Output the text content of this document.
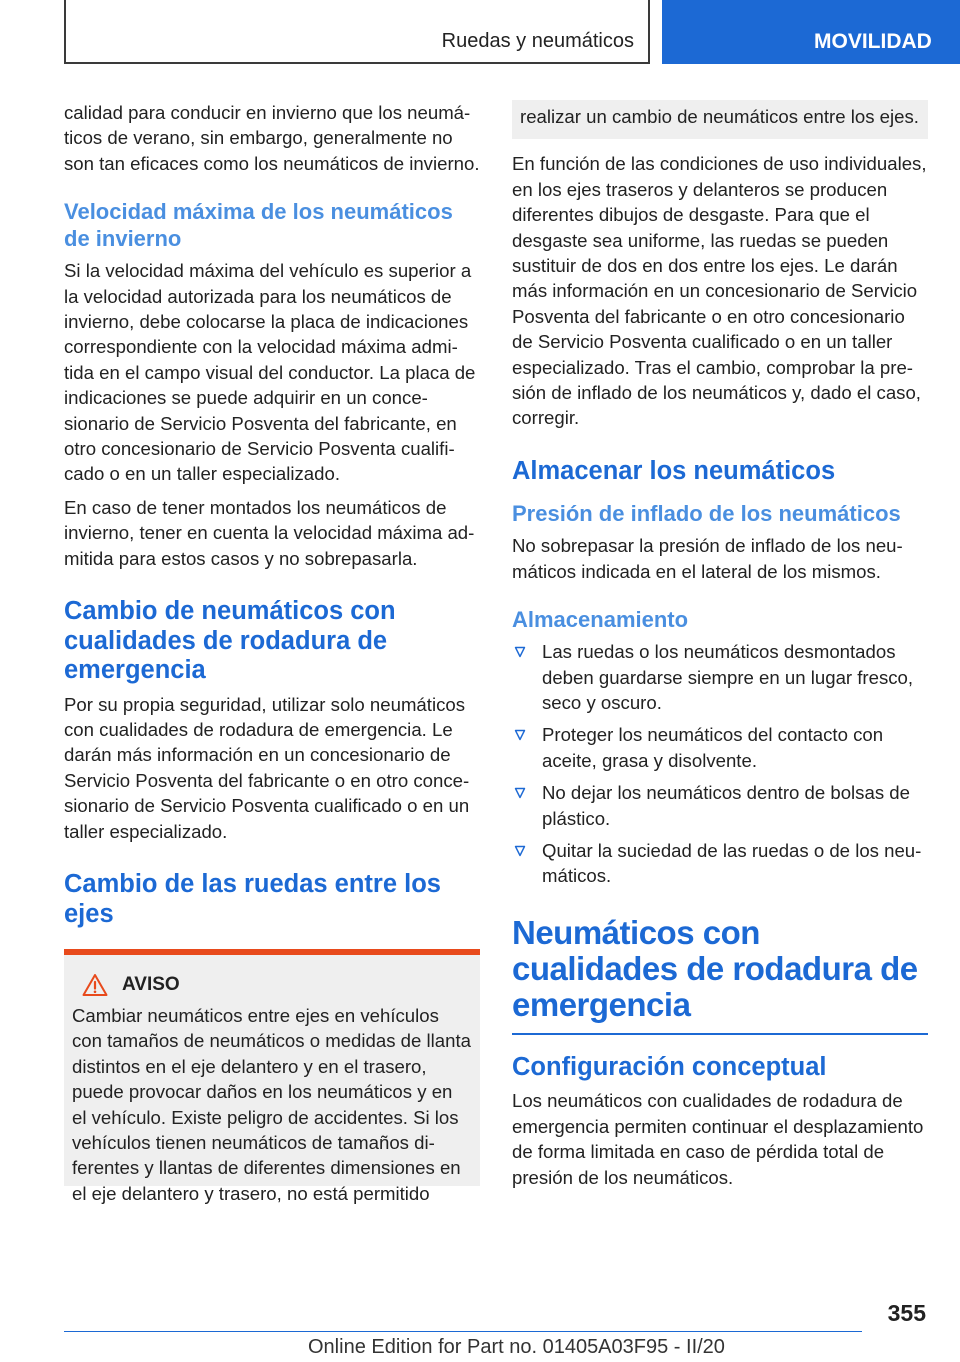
Ruedas y neumáticos	MOVILIDAD

calidad para conducir en invierno que los neumáticos de verano, sin embargo, generalmente no son tan eficaces como los neumáticos de invierno.

Velocidad máxima de los neumáticos de invierno

Si la velocidad máxima del vehículo es superior a la velocidad autorizada para los neumáticos de invierno, debe colocarse la placa de indicaciones correspondiente con la velocidad máxima admitida en el campo visual del conductor. La placa de indicaciones se puede adquirir en un concesionario de Servicio Posventa del fabricante, en otro concesionario de Servicio Posventa cualificado o en un taller especializado.

En caso de tener montados los neumáticos de invierno, tener en cuenta la velocidad máxima admitida para estos casos y no sobrepasarla.

Cambio de neumáticos con cualidades de rodadura de emergencia

Por su propia seguridad, utilizar solo neumáticos con cualidades de rodadura de emergencia. Le darán más información en un concesionario de Servicio Posventa del fabricante o en otro concesionario de Servicio Posventa cualificado o en un taller especializado.

Cambio de las ruedas entre los ejes
AVISO

Cambiar neumáticos entre ejes en vehículos con tamaños de neumáticos o medidas de llanta distintos en el eje delantero y en el trasero, puede provocar daños en los neumáticos y en el vehículo. Existe peligro de accidentes. Si los vehículos tienen neumáticos de tamaños diferentes y llantas de diferentes dimensiones en el eje delantero y trasero, no está permitido

realizar un cambio de neumáticos entre los ejes.

En función de las condiciones de uso individuales, en los ejes traseros y delanteros se producen diferentes dibujos de desgaste. Para que el desgaste sea uniforme, las ruedas se pueden sustituir de dos en dos entre los ejes. Le darán más información en un concesionario de Servicio Posventa del fabricante o en otro concesionario de Servicio Posventa cualificado o en un taller especializado. Tras el cambio, comprobar la presión de inflado de los neumáticos y, dado el caso, corregir.

Almacenar los neumáticos
Presión de inflado de los neumáticos

No sobrepasar la presión de inflado de los neumáticos indicada en el lateral de los mismos.

Almacenamiento
Las ruedas o los neumáticos desmontados deben guardarse siempre en un lugar fresco, seco y oscuro.
Proteger los neumáticos del contacto con aceite, grasa y disolvente.
No dejar los neumáticos dentro de bolsas de plástico.
Quitar la suciedad de las ruedas o de los neumáticos.
Neumáticos con cualidades de rodadura de emergencia
Configuración conceptual

Los neumáticos con cualidades de rodadura de emergencia permiten continuar el desplazamiento de forma limitada en caso de pérdida total de presión de los neumáticos.

355
Online Edition for Part no. 01405A03F95 - II/20
